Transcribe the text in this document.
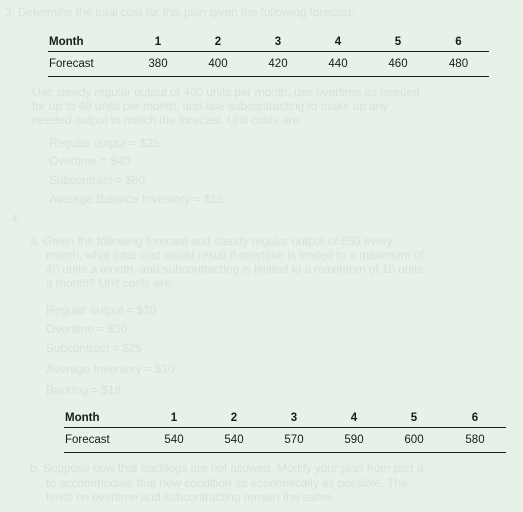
3. Determine the total cost for this plan given the following forecast:
Month	1	2	3	4	5	6
Forecast	380	400	420	440	460	480
Use steady regular output of 400 units per month, use overtime as needed
for up to 40 units per month, and use subcontracting to make up any
needed output to match the forecast. Unit costs are:
Regular output = $25
Overtime = $40
Subcontract = $60
Average Balance Inventory = $15
4.
a. Given the following forecast and steady regular output of 550 every
month, what total cost would result if overtime is limited to a maximum of
40 units a month, and subcontracting is limited to a maximum of 10 units
a month? Unit costs are:
Regular output = $20
Overtime = $30
Subcontract = $25
Average Inventory = $10
Backlog = $18
Month	1	2	3	4	5	6
Forecast	540	540	570	590	600	580
b. Suppose now that backlogs are not allowed. Modify your plan from part a
to accommodate that new condition as economically as possible. The
limits on overtime and subcontracting remain the same.
